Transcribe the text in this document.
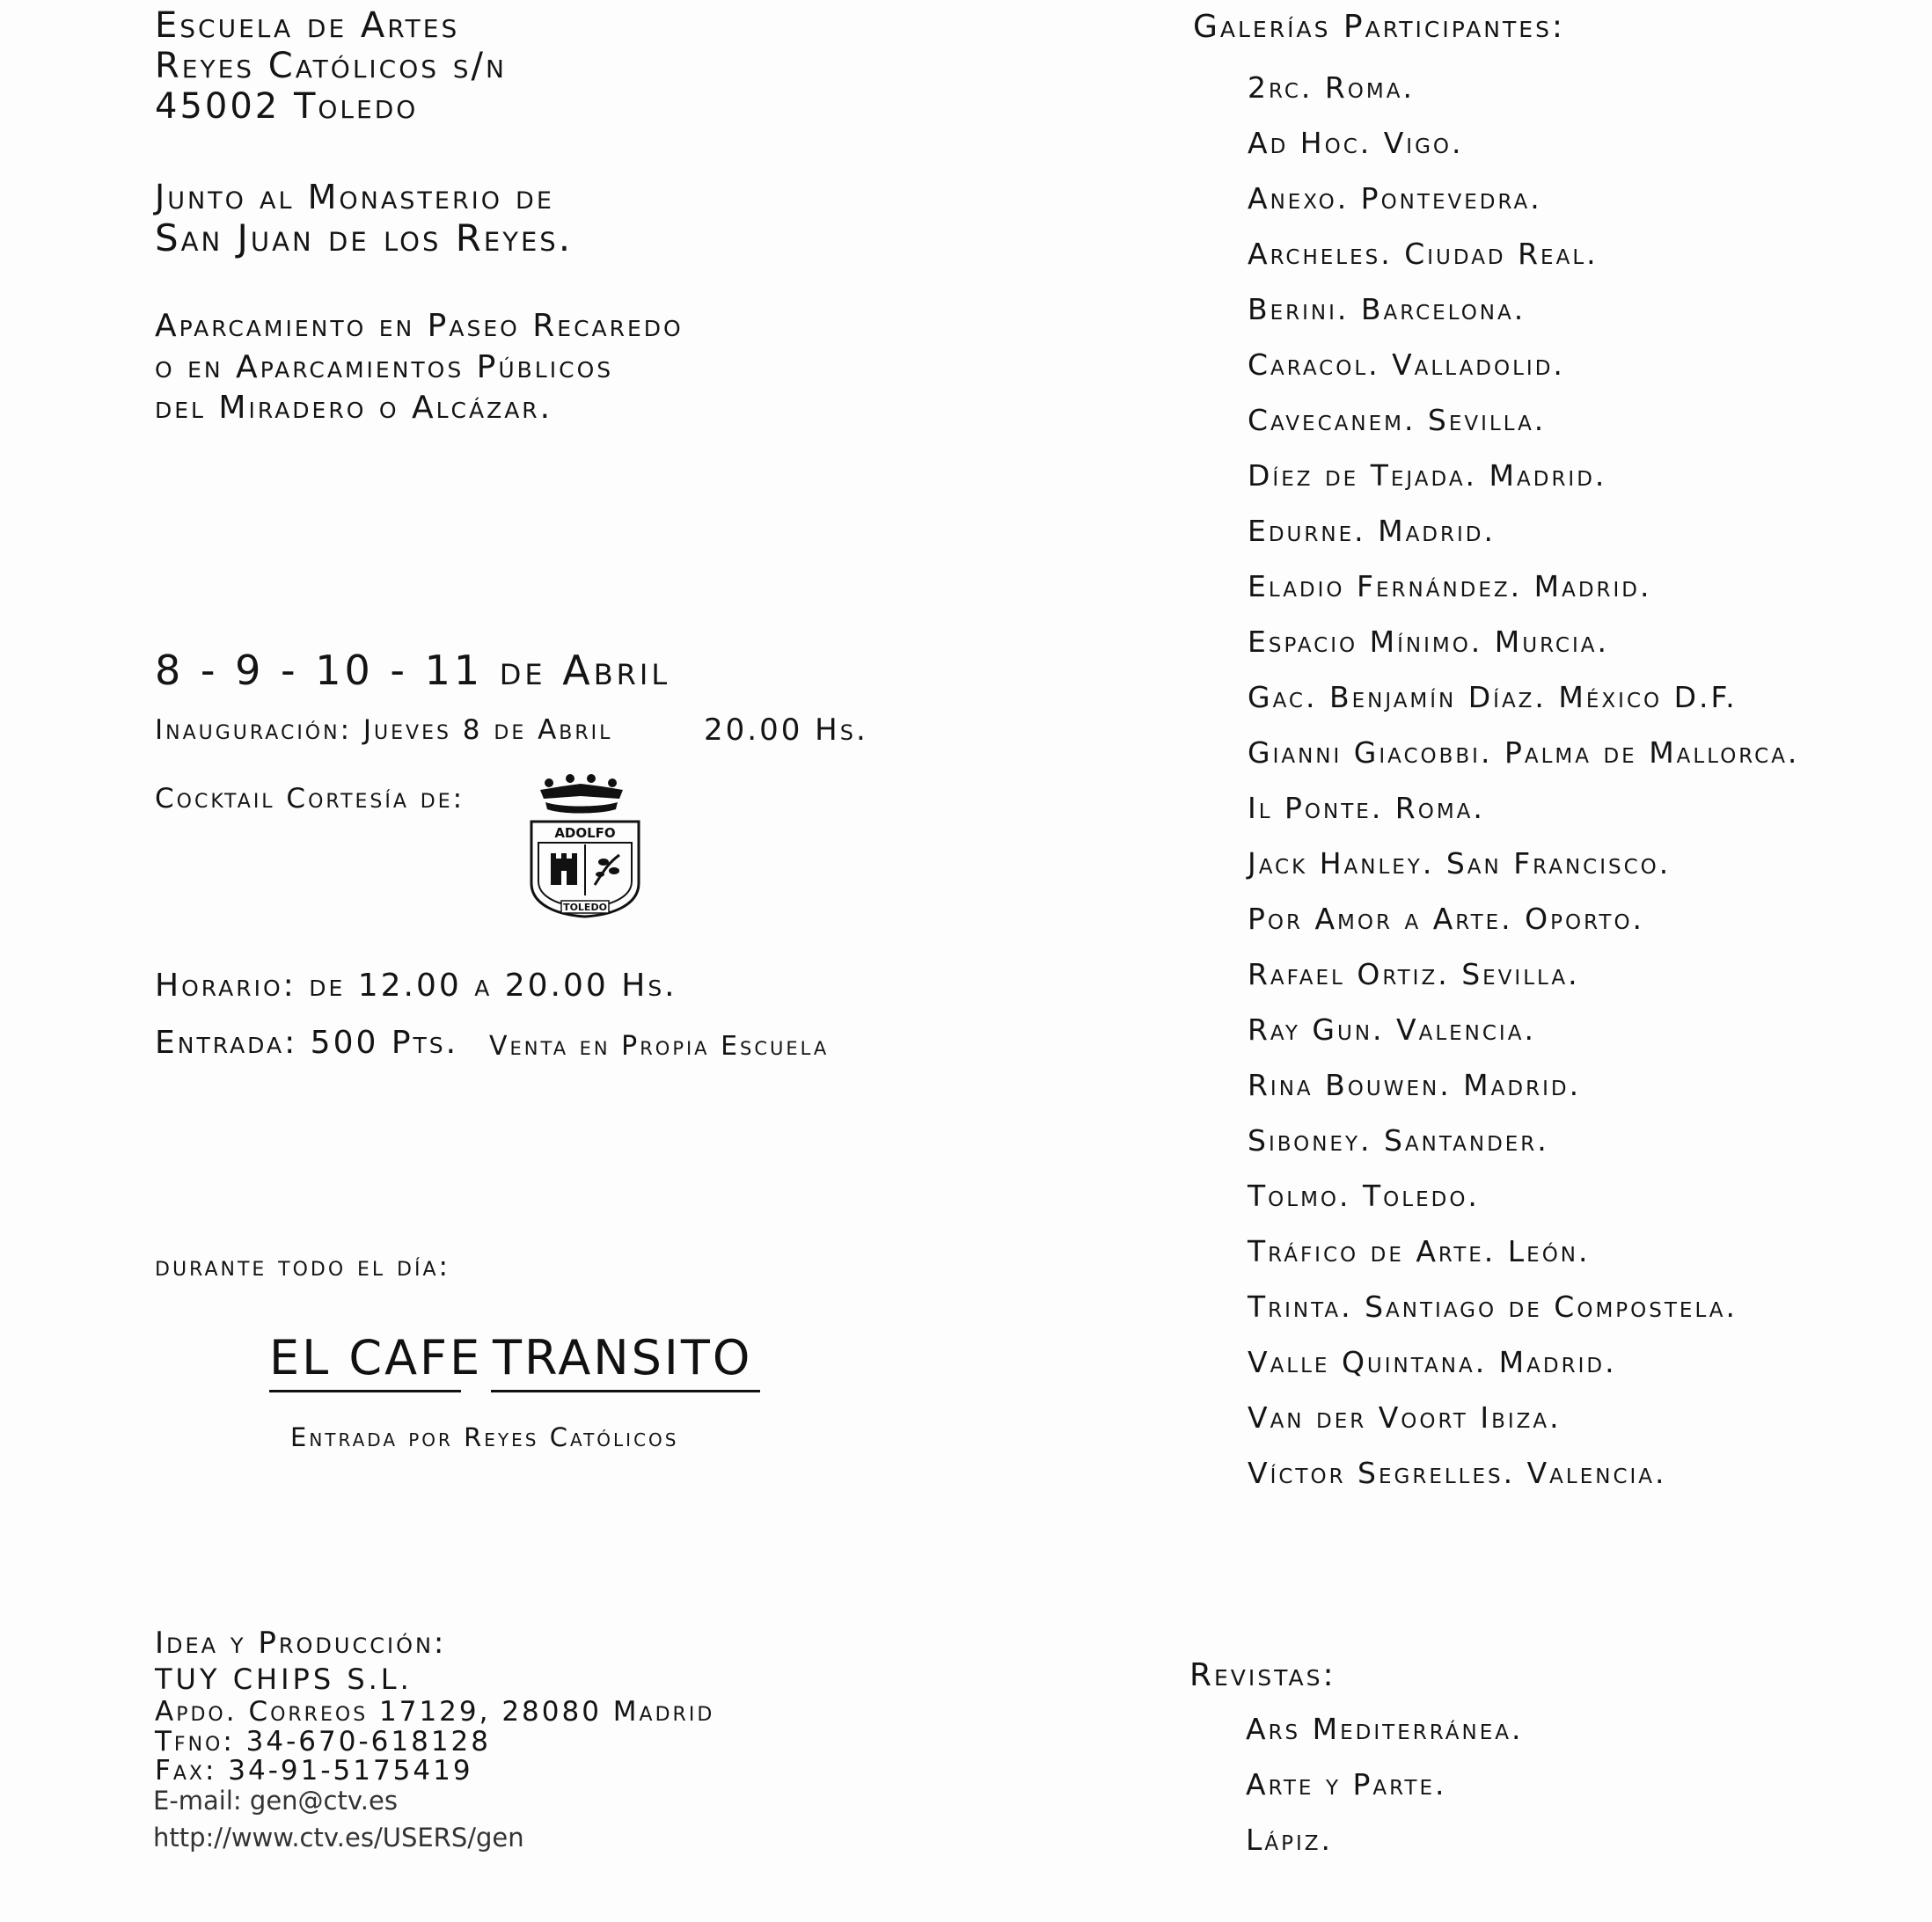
Escuela de Artes
Reyes Católicos s/n
45002 Toledo
Junto al Monasterio de
San Juan de los Reyes.
Aparcamiento en Paseo Recaredo
o en Aparcamientos Públicos
del Miradero o Alcázar.
8 - 9 - 10 - 11 de Abril
Inauguración: Jueves 8 de Abril	20.00 Hs.
Cocktail Cortesía de:
ADOLFO
TOLEDO
Horario: de 12.00 a 20.00 Hs.
Entrada: 500 Pts. Venta en Propia Escuela
durante todo el día:
EL CAFE TRANSITO
Entrada por Reyes Católicos
Idea y Producción:
TUY CHIPS S.L.
Apdo. Correos 17129, 28080 Madrid
Tfno: 34-670-618128
Fax: 34-91-5175419
E-mail: gen@ctv.es
http://www.ctv.es/USERS/gen
Galerías Participantes:
2rc. Roma.
Ad Hoc. Vigo.
Anexo. Pontevedra.
Archeles. Ciudad Real.
Berini. Barcelona.
Caracol. Valladolid.
Cavecanem. Sevilla.
Díez de Tejada. Madrid.
Edurne. Madrid.
Eladio Fernández. Madrid.
Espacio Mínimo. Murcia.
Gac. Benjamín Díaz. México D.F.
Gianni Giacobbi. Palma de Mallorca.
Il Ponte. Roma.
Jack Hanley. San Francisco.
Por Amor a Arte. Oporto.
Rafael Ortiz. Sevilla.
Ray Gun. Valencia.
Rina Bouwen. Madrid.
Siboney. Santander.
Tolmo. Toledo.
Tráfico de Arte. León.
Trinta. Santiago de Compostela.
Valle Quintana. Madrid.
Van der Voort Ibiza.
Víctor Segrelles. Valencia.
Revistas:
Ars Mediterránea.
Arte y Parte.
Lápiz.
